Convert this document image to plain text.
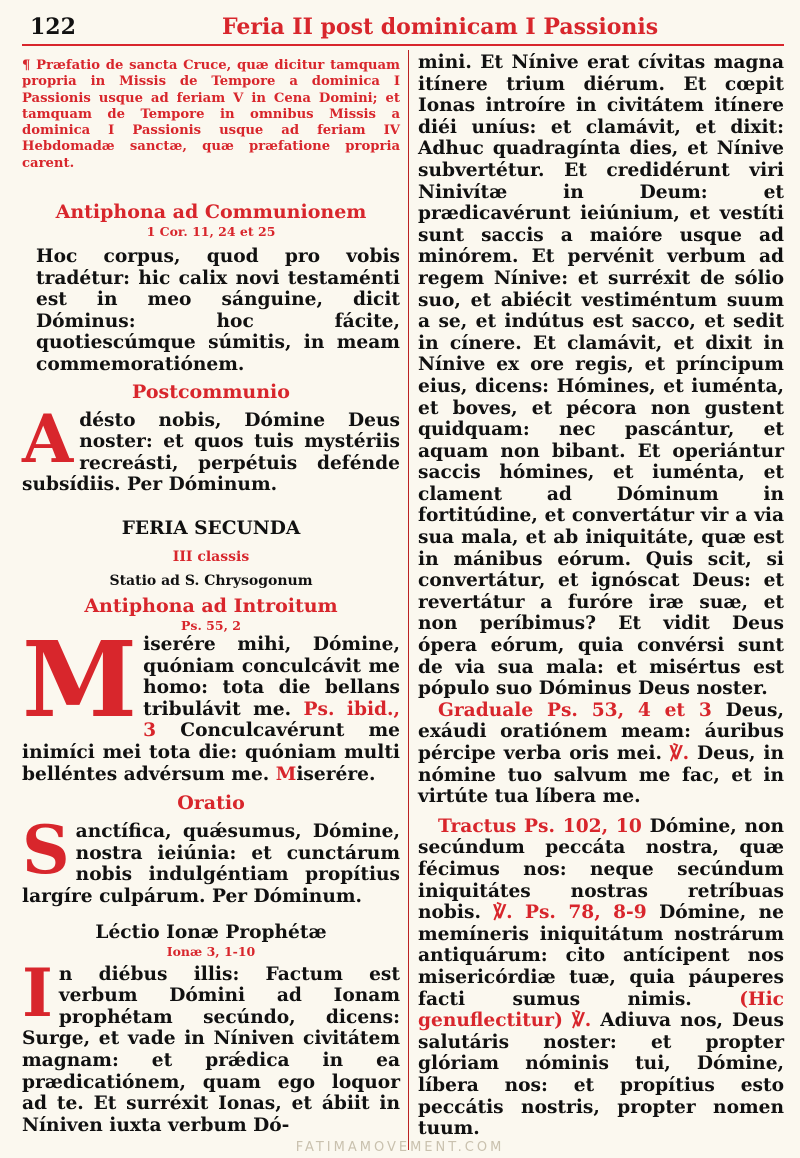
122	Feria II post dominicam I Passionis

¶ Præfatio de sancta Cruce, quæ dicitur tamquam propria in Missis de Tempore a dominica I Passionis usque ad feriam V in Cena Domini; et tamquam de Tempore in omnibus Missis a dominica I Passionis usque ad feriam IV Hebdomadæ sanctæ, quæ præfatione propria carent.

Antiphona ad Communionem

1 Cor. 11, 24 et 25

Hoc corpus, quod pro vobis tradétur: hic calix novi testaménti est in meo sánguine, dicit Dóminus: hoc fácite, quotiescúmque súmitis, in meam commemoratiónem.

Postcommunio

Adésto nobis, Dómine Deus noster: et quos tuis mystériis recreásti, perpétuis defénde subsídiis. Per Dóminum.

FERIA SECUNDA

III classis

Statio ad S. Chrysogonum

Antiphona ad Introitum

Ps. 55, 2

Miserére mihi, Dómine, quóniam conculcávit me homo: tota die bellans tribulávit me. Ps. ibid., 3 Conculcavérunt me inimíci mei tota die: quóniam multi belléntes advérsum me. Miserére.

Oratio

Sanctífica, quǽsumus, Dómine, nostra ieiúnia: et cunctárum nobis indulgéntiam propítius largíre culpárum. Per Dóminum.

Léctio Ionæ Prophétæ

Ionæ 3, 1-10

In diébus illis: Factum est verbum Dómini ad Ionam prophétam secúndo, dicens: Surge, et vade in Níniven civitátem magnam: et prǽdica in ea prædicatiónem, quam ego loquor ad te. Et surréxit Ionas, et ábiit in Níniven iuxta verbum Dó-

mini. Et Nínive erat cívitas magna itínere trium diérum. Et cœpit Ionas introíre in civitátem itínere diéi uníus: et clamávit, et dixit: Adhuc quadragínta dies, et Nínive subvertétur. Et credidérunt viri Ninivítæ in Deum: et prædicavérunt ieiúnium, et vestíti sunt saccis a maióre usque ad minórem. Et pervénit verbum ad regem Nínive: et surréxit de sólio suo, et abiécit vestiméntum suum a se, et indútus est sacco, et sedit in cínere. Et clamávit, et dixit in Nínive ex ore regis, et príncipum eius, dicens: Hómines, et iuménta, et boves, et pécora non gustent quidquam: nec pascántur, et aquam non bibant. Et operiántur saccis hómines, et iuménta, et clament ad Dóminum in fortitúdine, et convertátur vir a via sua mala, et ab iniquitáte, quæ est in mánibus eórum. Quis scit, si convertátur, et ignóscat Deus: et revertátur a furóre iræ suæ, et non períbimus? Et vidit Deus ópera eórum, quia convérsi sunt de via sua mala: et misértus est pópulo suo Dóminus Deus noster.

Graduale Ps. 53, 4 et 3 Deus, exáudi oratiónem meam: áuribus pércipe verba oris mei. ℣. Deus, in nómine tuo salvum me fac, et in virtúte tua líbera me.

Tractus Ps. 102, 10 Dómine, non secúndum peccáta nostra, quæ fécimus nos: neque secúndum iniquitátes nostras retríbuas nobis. ℣. Ps. 78, 8-9 Dómine, ne memíneris iniquitátum nostrárum antiquárum: cito antícipent nos misericórdiæ tuæ, quia páuperes facti sumus nimis.	(Hic genuflectitur) ℣. Adiuva nos, Deus salutáris noster: et propter glóriam nóminis tui, Dómine, líbera nos: et propítius esto peccátis nostris, propter nomen tuum.

FATIMAMOVEMENT.COM
